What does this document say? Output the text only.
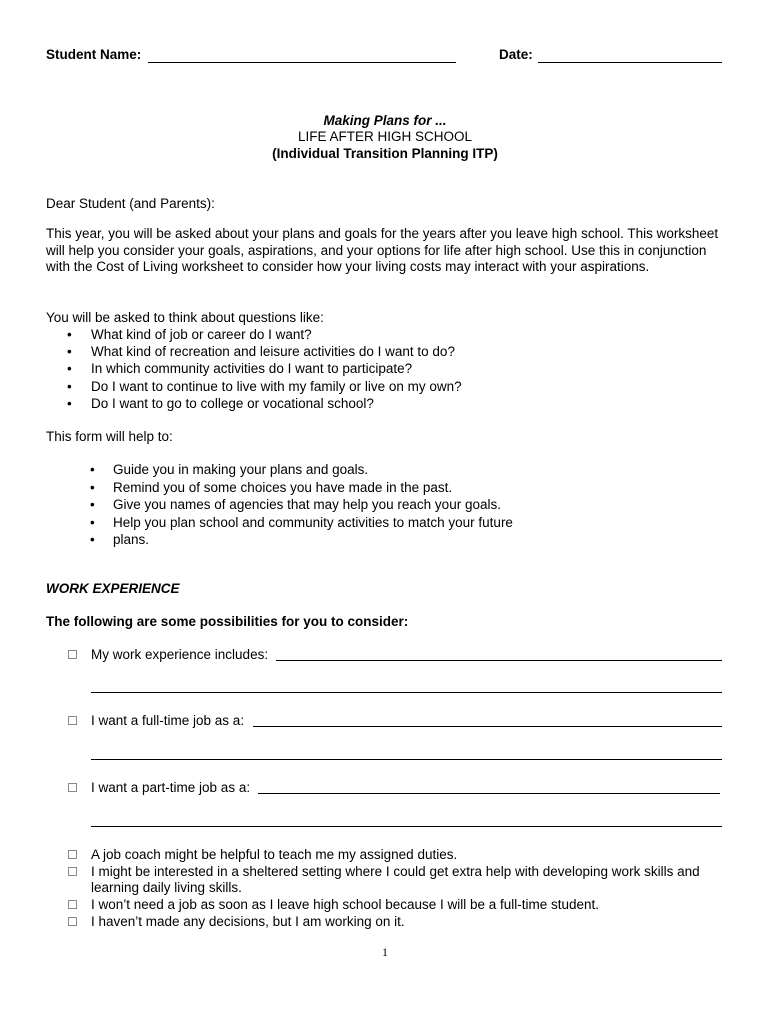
Student Name:	Date:
Making Plans for ...
LIFE AFTER HIGH SCHOOL
(Individual Transition Planning ITP)
Dear Student (and Parents):
This year, you will be asked about your plans and goals for the years after you leave high school. This worksheet will help you consider your goals, aspirations, and your options for life after high school. Use this in conjunction with the Cost of Living worksheet to consider how your living costs may interact with your aspirations.
You will be asked to think about questions like:
• What kind of job or career do I want?
• What kind of recreation and leisure activities do I want to do?
• In which community activities do I want to participate?
• Do I want to continue to live with my family or live on my own?
• Do I want to go to college or vocational school?
This form will help to:
• Guide you in making your plans and goals.
• Remind you of some choices you have made in the past.
• Give you names of agencies that may help you reach your goals.
• Help you plan school and community activities to match your future
• plans.
WORK EXPERIENCE
The following are some possibilities for you to consider:
My work experience includes:
I want a full-time job as a:
I want a part-time job as a:
A job coach might be helpful to teach me my assigned duties.
I might be interested in a sheltered setting where I could get extra help with developing work skills and
learning daily living skills.
I won’t need a job as soon as I leave high school because I will be a full-time student.
I haven’t made any decisions, but I am working on it.
1
